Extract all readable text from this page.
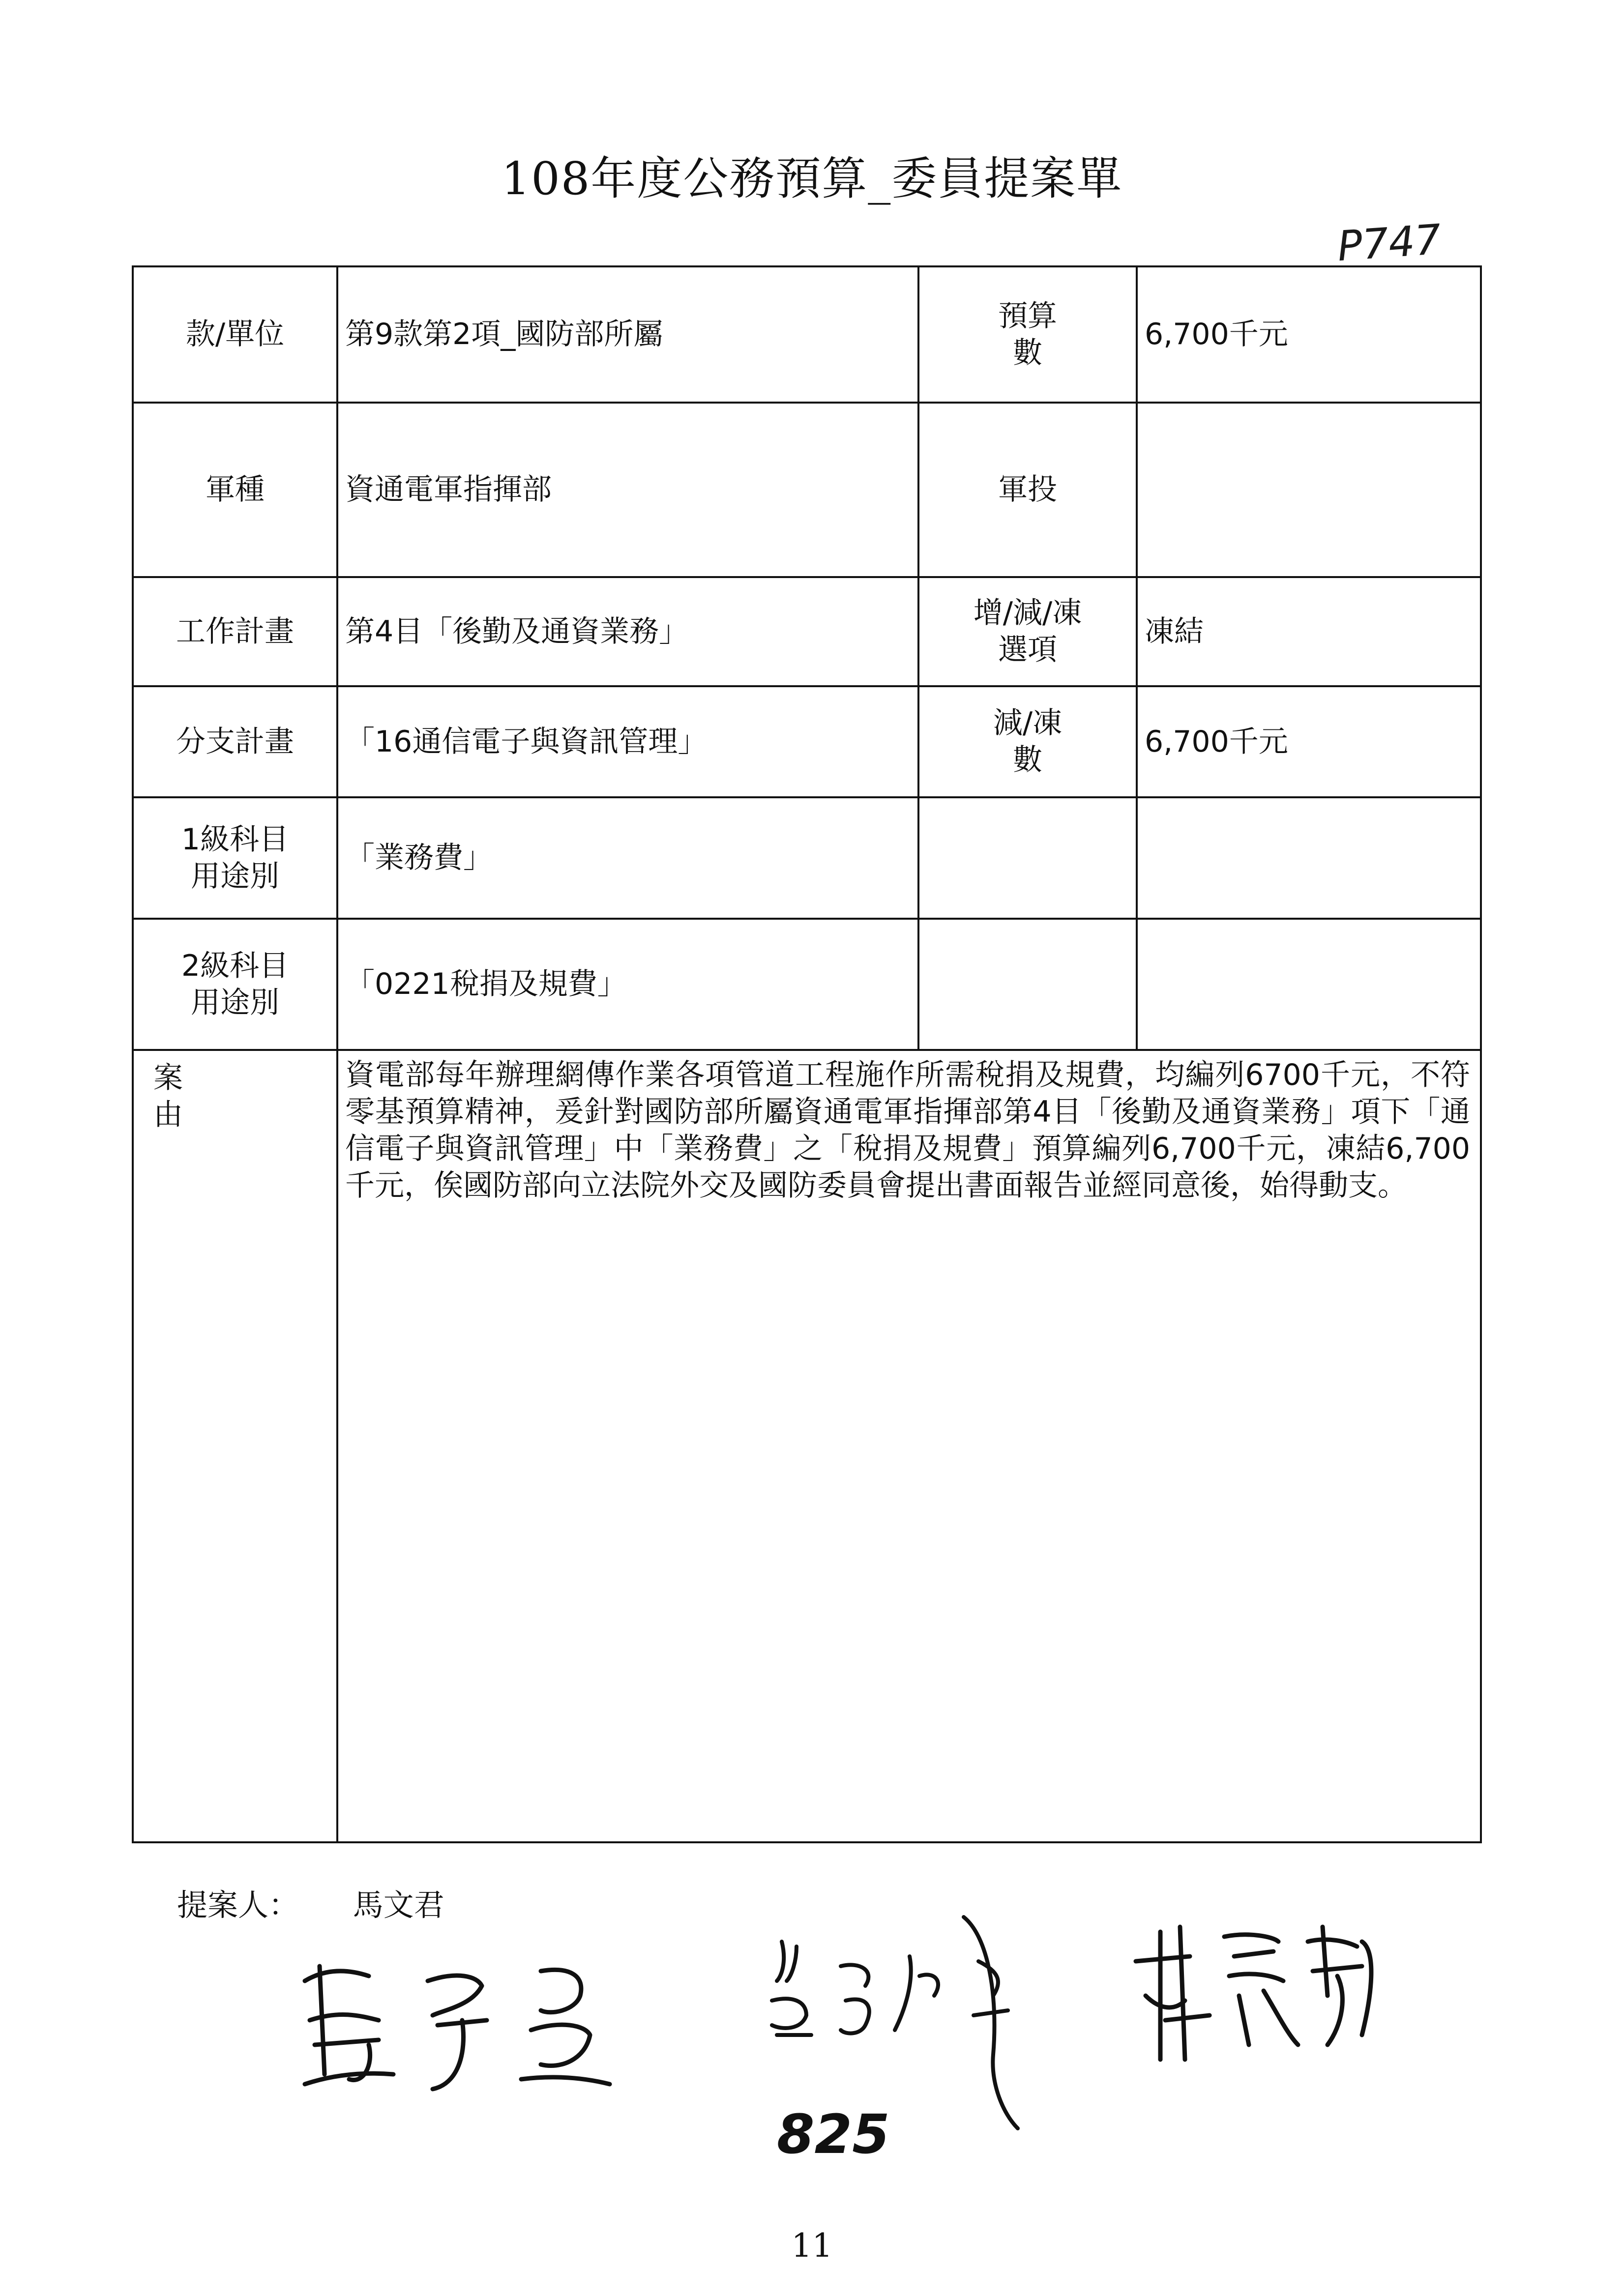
108年度公務預算_委員提案單
P747
款/單位	第9款第2項_國防部所屬	預算數	6,700千元
軍種	資通電軍指揮部	軍投	
工作計畫	第4目「後勤及通資業務」	增/減/凍選項	凍結
分支計畫	「16通信電子與資訊管理」	減/凍數	6,700千元
1級科目用途別	「業務費」		
2級科目用途別	「0221稅捐及規費」		

案由	資電部每年辦理網傳作業各項管道工程施作所需稅捐及規費，均編列6700千元，不符零基預算精神，爰針對國防部所屬資通電軍指揮部第4目「後勤及通資業務」項下「通信電子與資訊管理」中「業務費」之「稅捐及規費」預算編列6,700千元，凍結6,700千元，俟國防部向立法院外交及國防委員會提出書面報告並經同意後，始得動支。		
提案人： 馬文君
825
11
